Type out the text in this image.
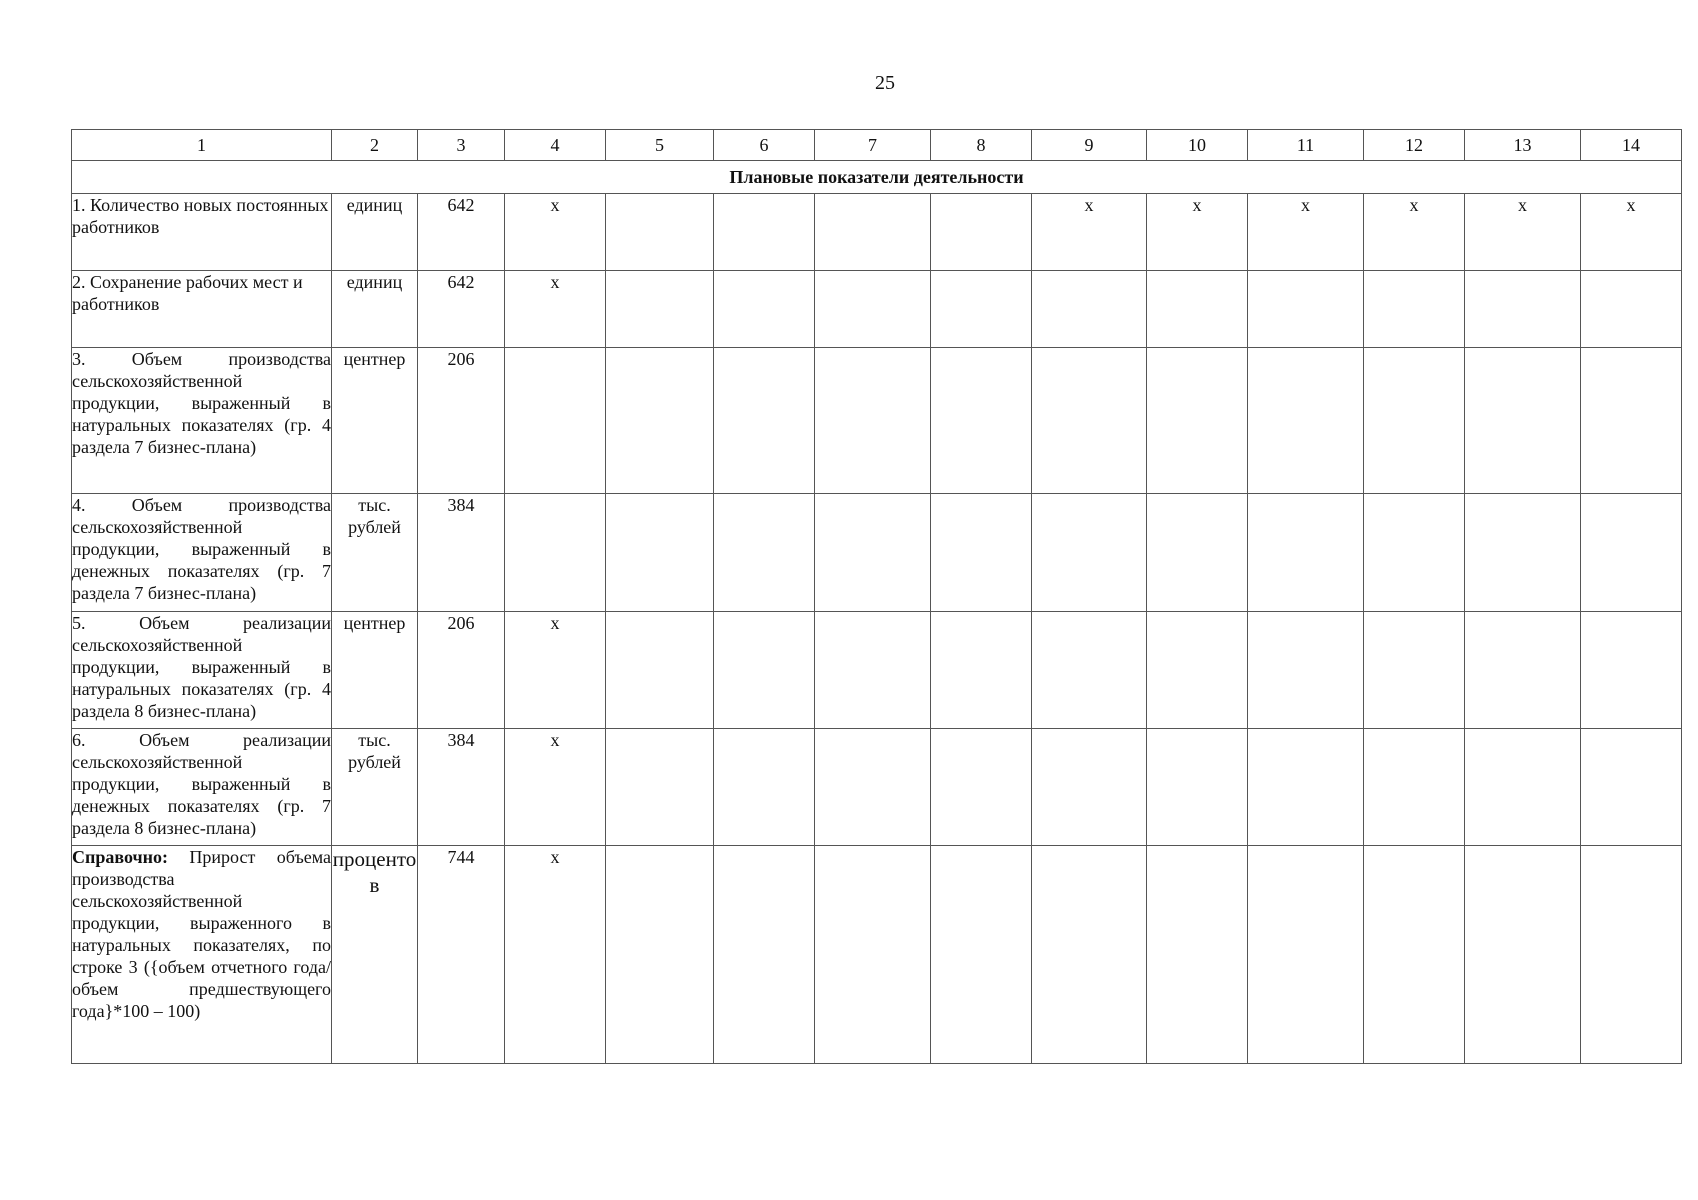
25
1	2	3	4	5	6	7	8	9	10	11	12	13	14
Плановые показатели деятельности													
1. Количество новых постоянных работников	единиц	642	х					х	х	х	х	х	х
2. Сохранение рабочих мест и работников	единиц	642	х										
3. Объем производства сельскохозяйственной продукции, выраженный в натуральных показателях (гр. 4 раздела 7 бизнес-плана)	центнер	206											
4. Объем производства сельскохозяйственной продукции, выраженный в денежных показателях (гр. 7 раздела 7 бизнес-плана)	тыс. рублей	384											
5. Объем реализации сельскохозяйственной продукции, выраженный в натуральных показателях (гр. 4 раздела 8 бизнес-плана)	центнер	206	х										
6. Объем реализации сельскохозяйственной продукции, выраженный в денежных показателях (гр. 7 раздела 8 бизнес-плана)	тыс. рублей	384	х										
Справочно: Прирост объема производства сельскохозяйственной продукции, выраженного в натуральных показателях, по строке 3 ({объем отчетного года/объем предшествующего года}*100 – 100)	процентов	744	х										
